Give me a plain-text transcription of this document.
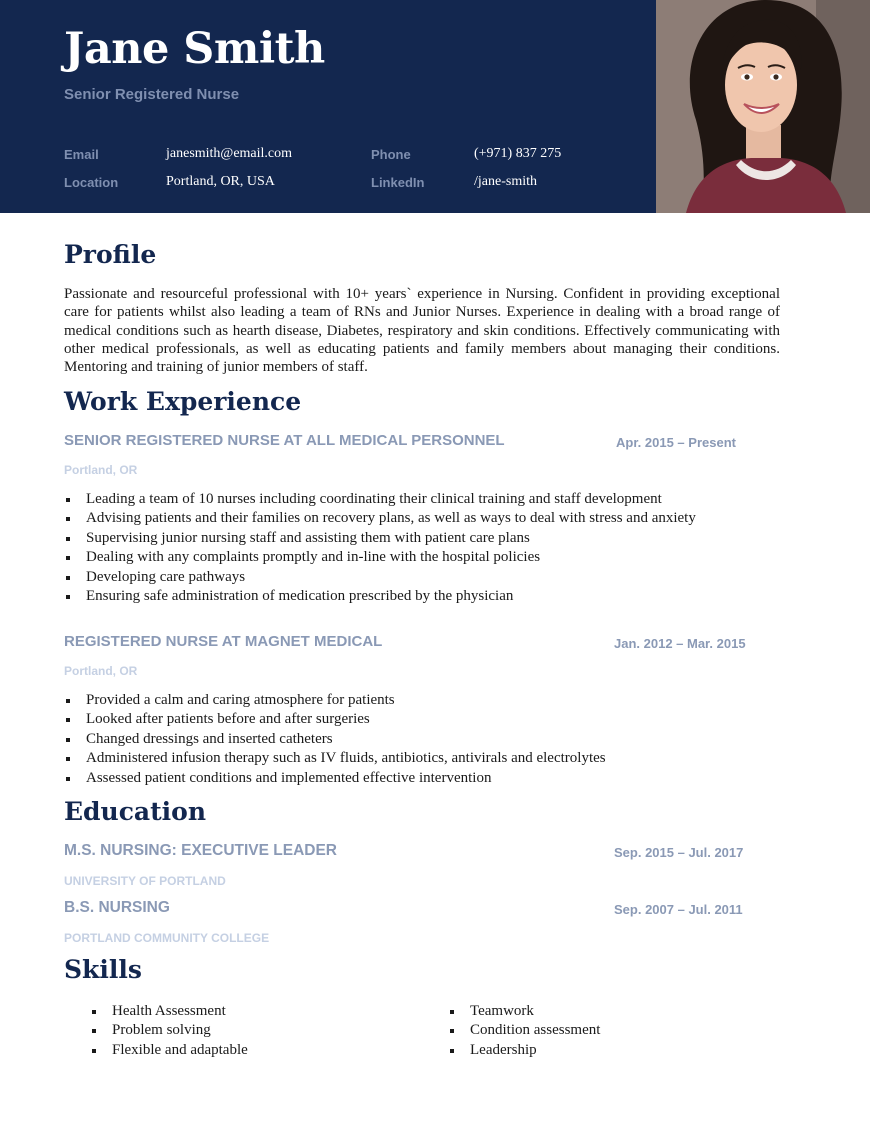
Jane Smith
Senior Registered Nurse
Email	janesmith@email.com	Phone	(+971) 837 275
Location	Portland, OR, USA	LinkedIn	/jane-smith
Profile

Passionate and resourceful professional with 10+ years` experience in Nursing. Confident in providing exceptional care for patients whilst also leading a team of RNs and Junior Nurses. Experience in dealing with a broad range of medical conditions such as hearth disease, Diabetes, respiratory and skin conditions. Effectively communicating with other medical professionals, as well as educating patients and family members about managing their conditions. Mentoring and training of junior members of staff.

Work Experience
SENIOR REGISTERED NURSE AT ALL MEDICAL PERSONNEL	Apr. 2015 – Present
Portland, OR
Leading a team of 10 nurses including coordinating their clinical training and staff development
Advising patients and their families on recovery plans, as well as ways to deal with stress and anxiety
Supervising junior nursing staff and assisting them with patient care plans
Dealing with any complaints promptly and in-line with the hospital policies
Developing care pathways
Ensuring safe administration of medication prescribed by the physician
REGISTERED NURSE AT MAGNET MEDICAL	Jan. 2012 – Mar. 2015
Portland, OR
Provided a calm and caring atmosphere for patients
Looked after patients before and after surgeries
Changed dressings and inserted catheters
Administered infusion therapy such as IV fluids, antibiotics, antivirals and electrolytes
Assessed patient conditions and implemented effective intervention
Education
M.S. NURSING: EXECUTIVE LEADER	Sep. 2015 – Jul. 2017
UNIVERSITY OF PORTLAND
B.S. NURSING	Sep. 2007 – Jul. 2011
PORTLAND COMMUNITY COLLEGE
Skills
Health Assessment
Problem solving
Flexible and adaptable
Teamwork
Condition assessment
Leadership
